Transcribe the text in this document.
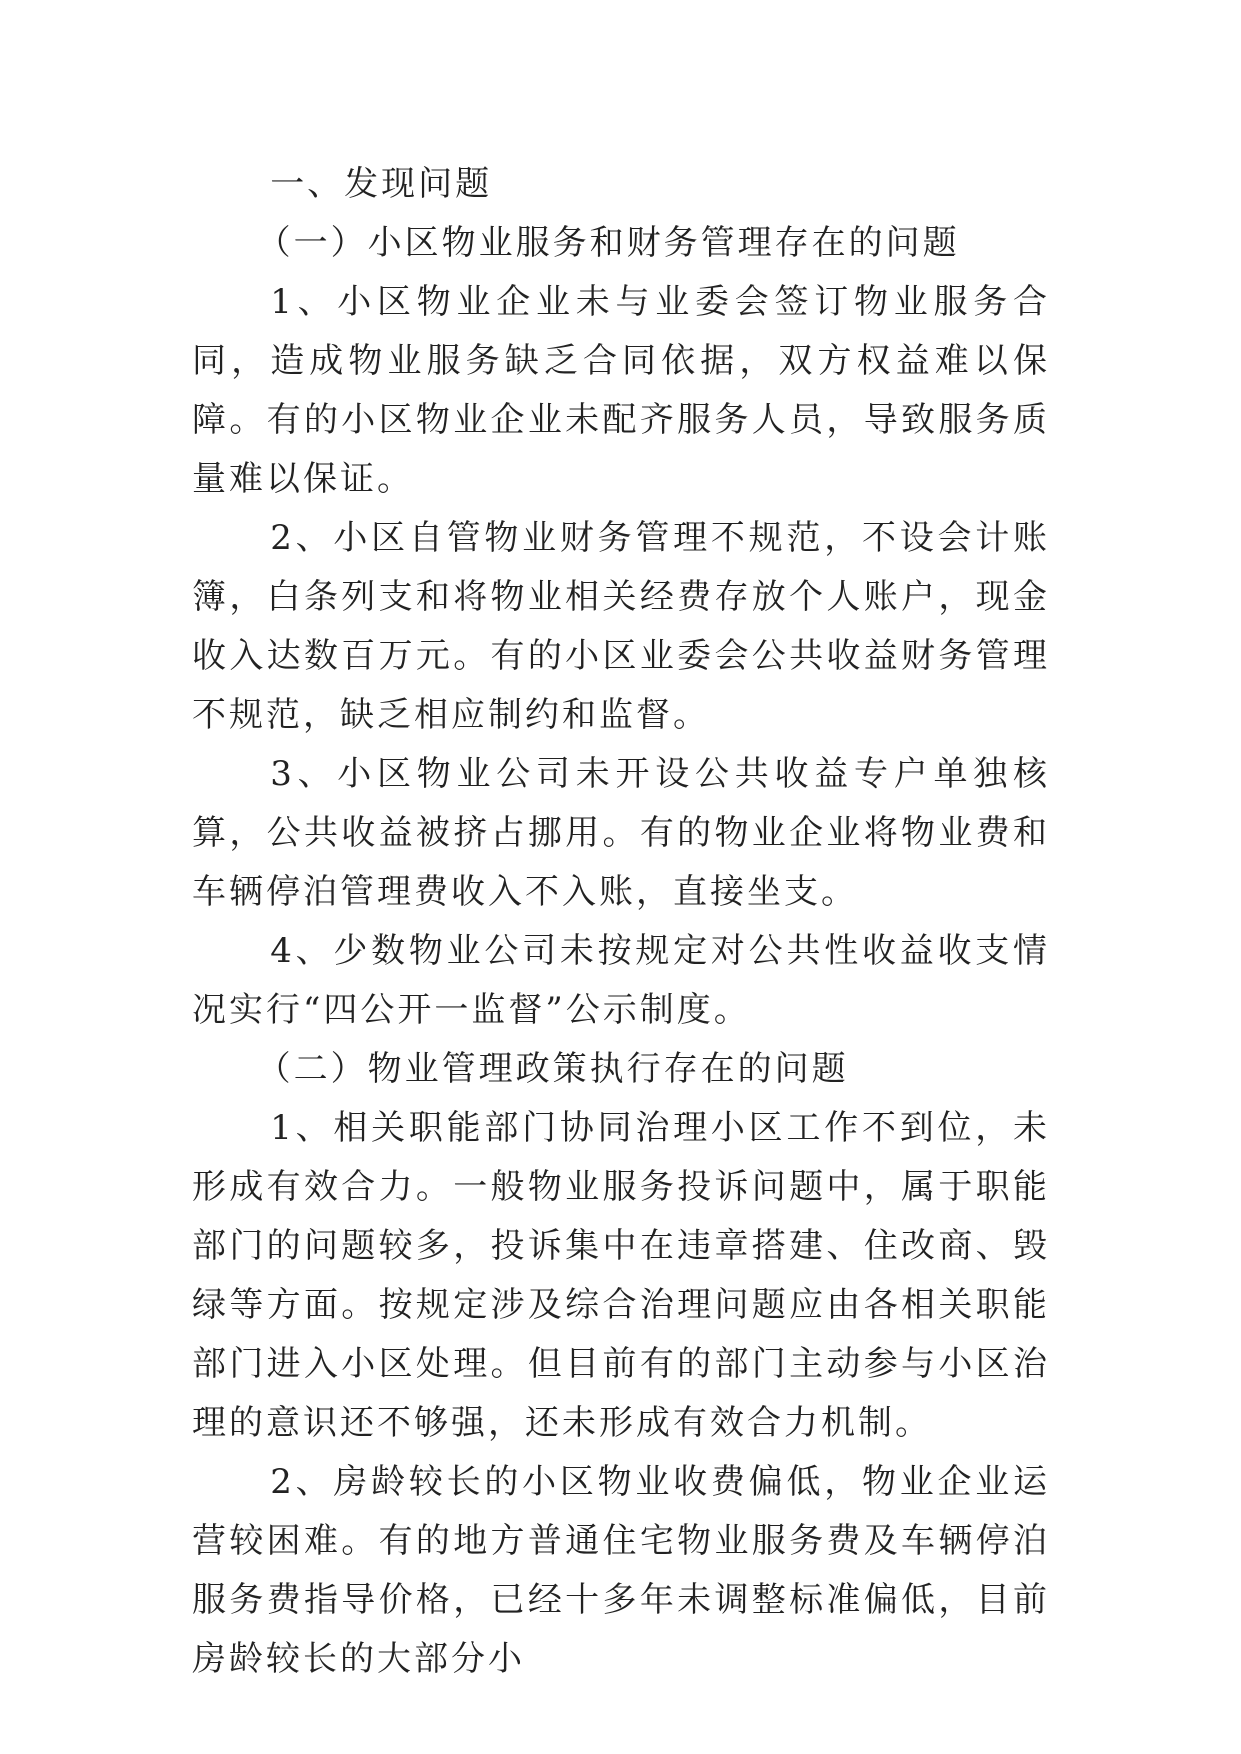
一、发现问题

（一）小区物业服务和财务管理存在的问题

1、小区物业企业未与业委会签订物业服务合同，造成物业服务缺乏合同依据，双方权益难以保障。有的小区物业企业未配齐服务人员，导致服务质量难以保证。

2、小区自管物业财务管理不规范，不设会计账簿，白条列支和将物业相关经费存放个人账户，现金收入达数百万元。有的小区业委会公共收益财务管理不规范，缺乏相应制约和监督。

3、小区物业公司未开设公共收益专户单独核算，公共收益被挤占挪用。有的物业企业将物业费和车辆停泊管理费收入不入账，直接坐支。

4、少数物业公司未按规定对公共性收益收支情况实行“四公开一监督”公示制度。

（二）物业管理政策执行存在的问题

1、相关职能部门协同治理小区工作不到位，未形成有效合力。一般物业服务投诉问题中，属于职能部门的问题较多，投诉集中在违章搭建、住改商、毁绿等方面。按规定涉及综合治理问题应由各相关职能部门进入小区处理。但目前有的部门主动参与小区治理的意识还不够强，还未形成有效合力机制。

2、房龄较长的小区物业收费偏低，物业企业运营较困难。有的地方普通住宅物业服务费及车辆停泊服务费指导价格，已经十多年未调整标准偏低，目前房龄较长的大部分小
